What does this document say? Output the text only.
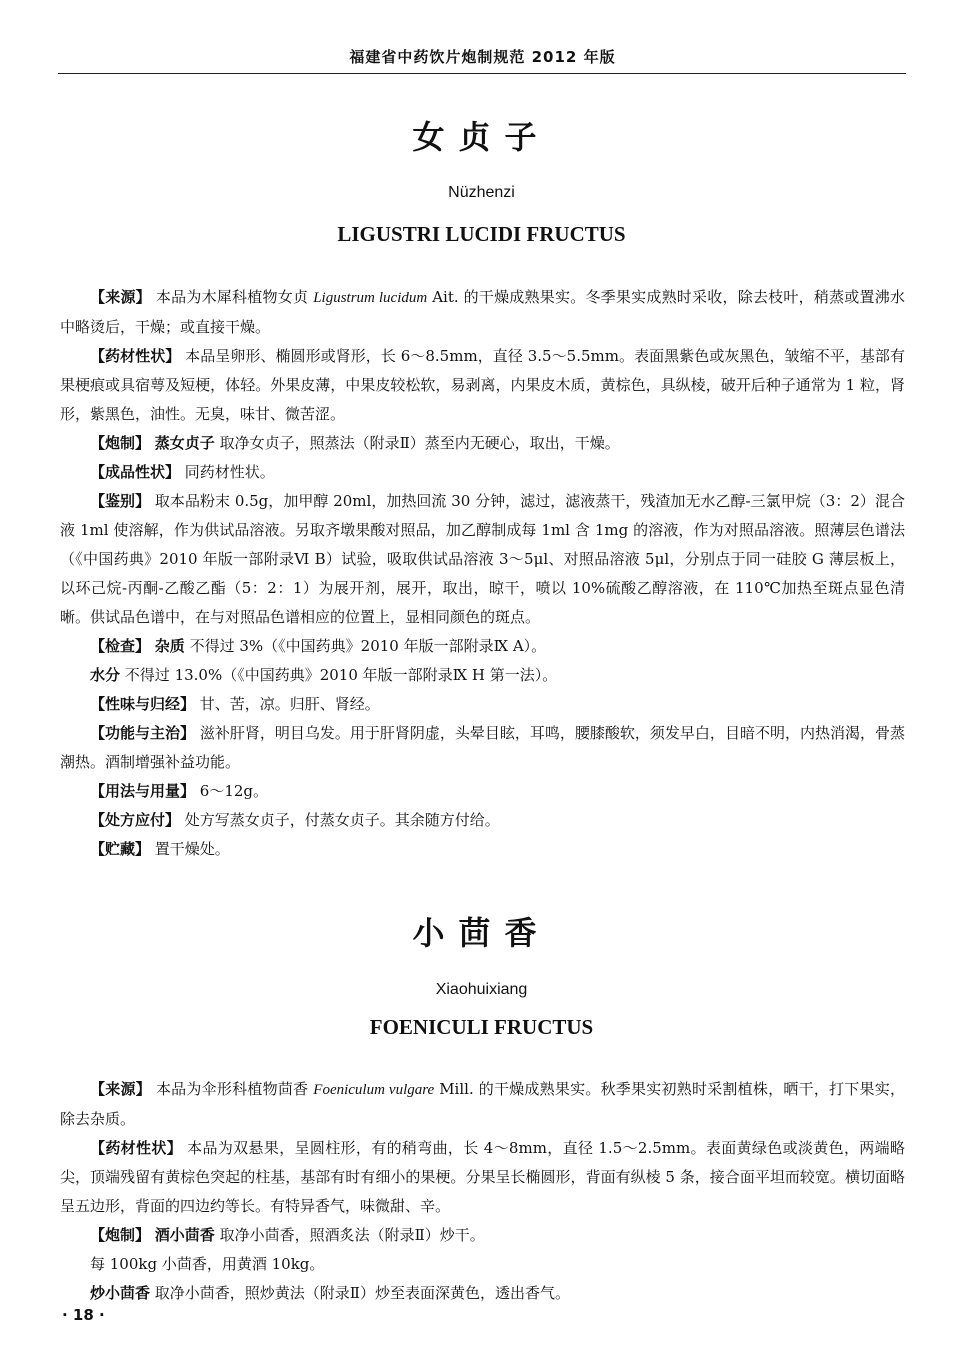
福建省中药饮片炮制规范 2012 年版
女贞子
Nüzhenzi
LIGUSTRI LUCIDI FRUCTUS

【来源】 本品为木犀科植物女贞 Ligustrum lucidum Ait. 的干燥成熟果实。冬季果实成熟时采收，除去枝叶，稍蒸或置沸水中略烫后，干燥；或直接干燥。

【药材性状】 本品呈卵形、椭圆形或肾形，长 6～8.5mm，直径 3.5～5.5mm。表面黑紫色或灰黑色，皱缩不平，基部有果梗痕或具宿萼及短梗，体轻。外果皮薄，中果皮较松软，易剥离，内果皮木质，黄棕色，具纵棱，破开后种子通常为 1 粒，肾形，紫黑色，油性。无臭，味甘、微苦涩。

【炮制】 蒸女贞子 取净女贞子，照蒸法（附录Ⅱ）蒸至内无硬心，取出，干燥。

【成品性状】 同药材性状。

【鉴别】 取本品粉末 0.5g，加甲醇 20ml，加热回流 30 分钟，滤过，滤液蒸干，残渣加无水乙醇-三氯甲烷（3：2）混合液 1ml 使溶解，作为供试品溶液。另取齐墩果酸对照品，加乙醇制成每 1ml 含 1mg 的溶液，作为对照品溶液。照薄层色谱法（《中国药典》2010 年版一部附录Ⅵ B）试验，吸取供试品溶液 3～5μl、对照品溶液 5μl，分别点于同一硅胶 G 薄层板上，以环己烷-丙酮-乙酸乙酯（5：2：1）为展开剂，展开，取出，晾干，喷以 10%硫酸乙醇溶液，在 110℃加热至斑点显色清晰。供试品色谱中，在与对照品色谱相应的位置上，显相同颜色的斑点。

【检查】 杂质 不得过 3%（《中国药典》2010 年版一部附录Ⅸ A）。

水分 不得过 13.0%（《中国药典》2010 年版一部附录Ⅸ H 第一法）。

【性味与归经】 甘、苦，凉。归肝、肾经。

【功能与主治】 滋补肝肾，明目乌发。用于肝肾阴虚，头晕目眩，耳鸣，腰膝酸软，须发早白，目暗不明，内热消渴，骨蒸潮热。酒制增强补益功能。

【用法与用量】 6～12g。

【处方应付】 处方写蒸女贞子，付蒸女贞子。其余随方付给。

【贮藏】 置干燥处。

小茴香
Xiaohuixiang
FOENICULI FRUCTUS

【来源】 本品为伞形科植物茴香 Foeniculum vulgare Mill. 的干燥成熟果实。秋季果实初熟时采割植株，晒干，打下果实，除去杂质。

【药材性状】 本品为双悬果，呈圆柱形，有的稍弯曲，长 4～8mm，直径 1.5～2.5mm。表面黄绿色或淡黄色，两端略尖，顶端残留有黄棕色突起的柱基，基部有时有细小的果梗。分果呈长椭圆形，背面有纵棱 5 条，接合面平坦而较宽。横切面略呈五边形，背面的四边约等长。有特异香气，味微甜、辛。

【炮制】 酒小茴香 取净小茴香，照酒炙法（附录Ⅱ）炒干。

每 100kg 小茴香，用黄酒 10kg。

炒小茴香 取净小茴香，照炒黄法（附录Ⅱ）炒至表面深黄色，透出香气。

· 18 ·
